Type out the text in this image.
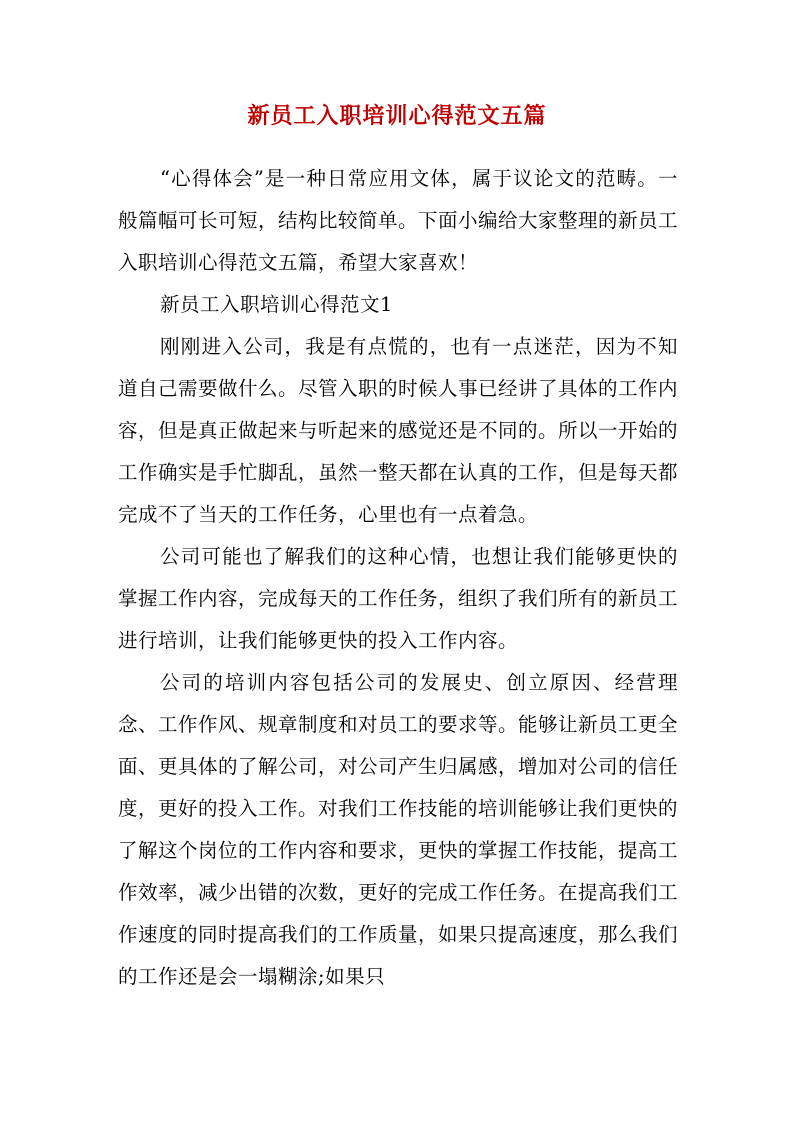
新员工入职培训心得范文五篇

“心得体会”是一种日常应用文体，属于议论文的范畴。一般篇幅可长可短，结构比较简单。下面小编给大家整理的新员工入职培训心得范文五篇，希望大家喜欢！

新员工入职培训心得范文1

刚刚进入公司，我是有点慌的，也有一点迷茫，因为不知道自己需要做什么。尽管入职的时候人事已经讲了具体的工作内容，但是真正做起来与听起来的感觉还是不同的。所以一开始的工作确实是手忙脚乱，虽然一整天都在认真的工作，但是每天都完成不了当天的工作任务，心里也有一点着急。

公司可能也了解我们的这种心情，也想让我们能够更快的掌握工作内容，完成每天的工作任务，组织了我们所有的新员工进行培训，让我们能够更快的投入工作内容。

公司的培训内容包括公司的发展史、创立原因、经营理念、工作作风、规章制度和对员工的要求等。能够让新员工更全面、更具体的了解公司，对公司产生归属感，增加对公司的信任度，更好的投入工作。对我们工作技能的培训能够让我们更快的了解这个岗位的工作内容和要求，更快的掌握工作技能，提高工作效率，减少出错的次数，更好的完成工作任务。在提高我们工作速度的同时提高我们的工作质量，如果只提高速度，那么我们的工作还是会一塌糊涂;如果只
